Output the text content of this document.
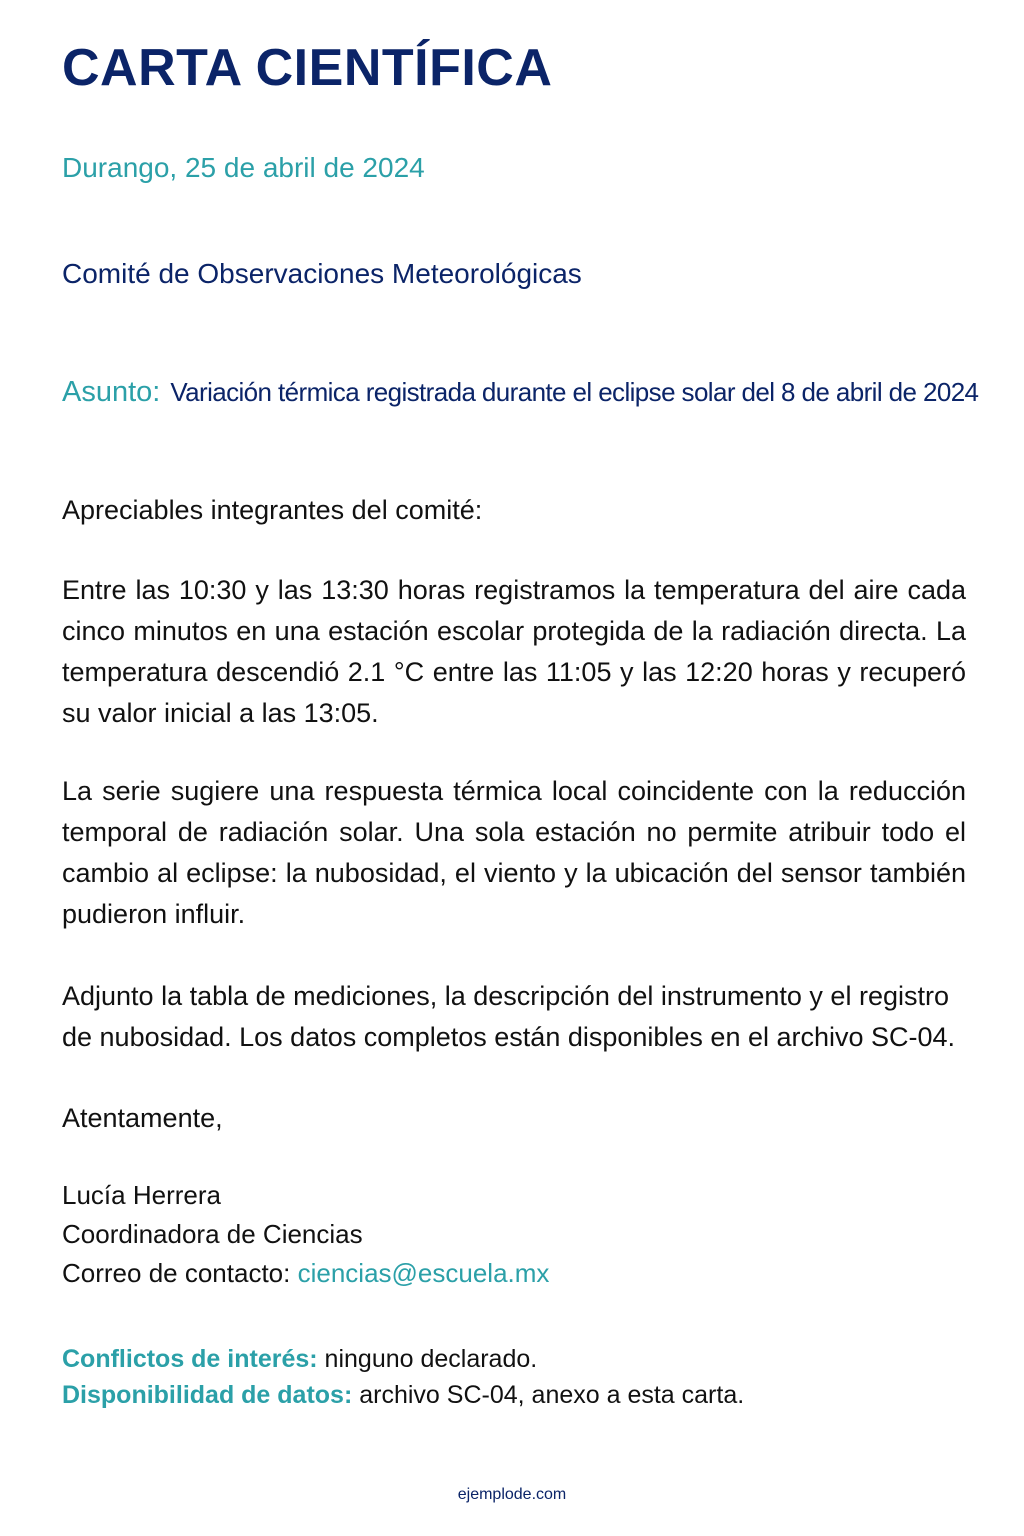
CARTA CIENTÍFICA
Durango, 25 de abril de 2024
Comité de Observaciones Meteorológicas
Asunto: Variación térmica registrada durante el eclipse solar del 8 de abril de 2024
Apreciables integrantes del comité:

Entre las 10:30 y las 13:30 horas registramos la temperatura del aire cada cinco minutos en una estación escolar protegida de la radiación directa. La temperatura descendió 2.1 °C entre las 11:05 y las 12:20 horas y recuperó su valor inicial a las 13:05.

La serie sugiere una respuesta térmica local coincidente con la reducción temporal de radiación solar. Una sola estación no permite atribuir todo el cambio al eclipse: la nubosidad, el viento y la ubicación del sensor también pudieron influir.

Adjunto la tabla de mediciones, la descripción del instrumento y el registro de nubosidad. Los datos completos están disponibles en el archivo SC-04.

Atentamente,
Lucía Herrera
Coordinadora de Ciencias
Correo de contacto: ciencias@escuela.mx
Conflictos de interés: ninguno declarado.
Disponibilidad de datos: archivo SC-04, anexo a esta carta.
ejemplode.com
